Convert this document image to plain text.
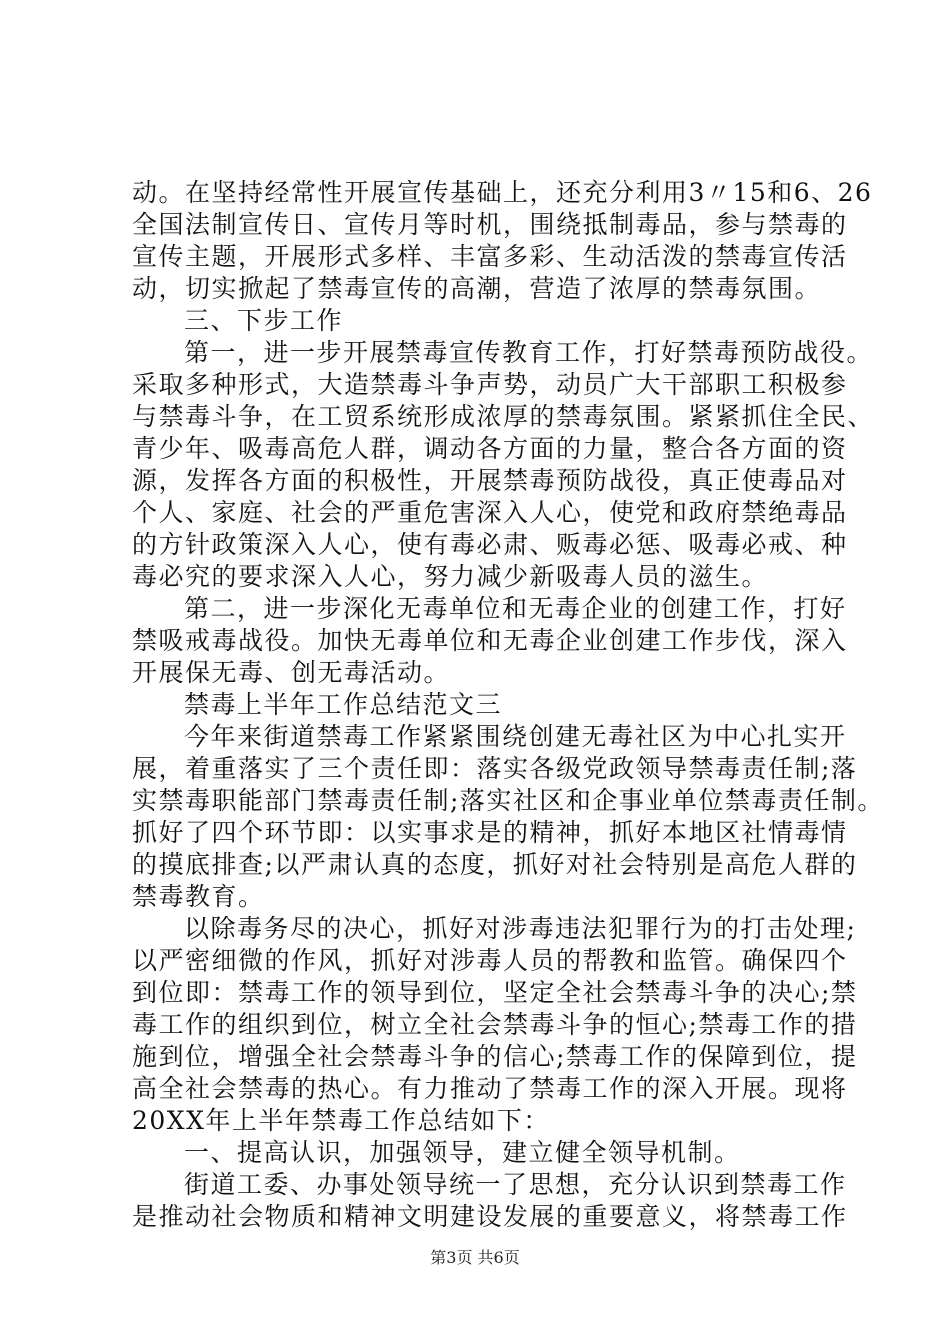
动。在坚持经常性开展宣传基础上，还充分利用3〃15和6、26
全国法制宣传日、宣传月等时机，围绕抵制毒品，参与禁毒的
宣传主题，开展形式多样、丰富多彩、生动活泼的禁毒宣传活
动，切实掀起了禁毒宣传的高潮，营造了浓厚的禁毒氛围。
三、下步工作
第一，进一步开展禁毒宣传教育工作，打好禁毒预防战役。
采取多种形式，大造禁毒斗争声势，动员广大干部职工积极参
与禁毒斗争，在工贸系统形成浓厚的禁毒氛围。紧紧抓住全民、
青少年、吸毒高危人群，调动各方面的力量，整合各方面的资
源，发挥各方面的积极性，开展禁毒预防战役，真正使毒品对
个人、家庭、社会的严重危害深入人心，使党和政府禁绝毒品
的方针政策深入人心，使有毒必肃、贩毒必惩、吸毒必戒、种
毒必究的要求深入人心，努力减少新吸毒人员的滋生。
第二，进一步深化无毒单位和无毒企业的创建工作，打好
禁吸戒毒战役。加快无毒单位和无毒企业创建工作步伐，深入
开展保无毒、创无毒活动。
禁毒上半年工作总结范文三
今年来街道禁毒工作紧紧围绕创建无毒社区为中心扎实开
展，着重落实了三个责任即：落实各级党政领导禁毒责任制;落
实禁毒职能部门禁毒责任制;落实社区和企事业单位禁毒责任制。
抓好了四个环节即：以实事求是的精神，抓好本地区社情毒情
的摸底排查;以严肃认真的态度，抓好对社会特别是高危人群的
禁毒教育。
以除毒务尽的决心，抓好对涉毒违法犯罪行为的打击处理;
以严密细微的作风，抓好对涉毒人员的帮教和监管。确保四个
到位即：禁毒工作的领导到位，坚定全社会禁毒斗争的决心;禁
毒工作的组织到位，树立全社会禁毒斗争的恒心;禁毒工作的措
施到位，增强全社会禁毒斗争的信心;禁毒工作的保障到位，提
高全社会禁毒的热心。有力推动了禁毒工作的深入开展。现将
20XX年上半年禁毒工作总结如下：
一、提高认识，加强领导，建立健全领导机制。
街道工委、办事处领导统一了思想，充分认识到禁毒工作
是推动社会物质和精神文明建设发展的重要意义，将禁毒工作
第3页 共6页
